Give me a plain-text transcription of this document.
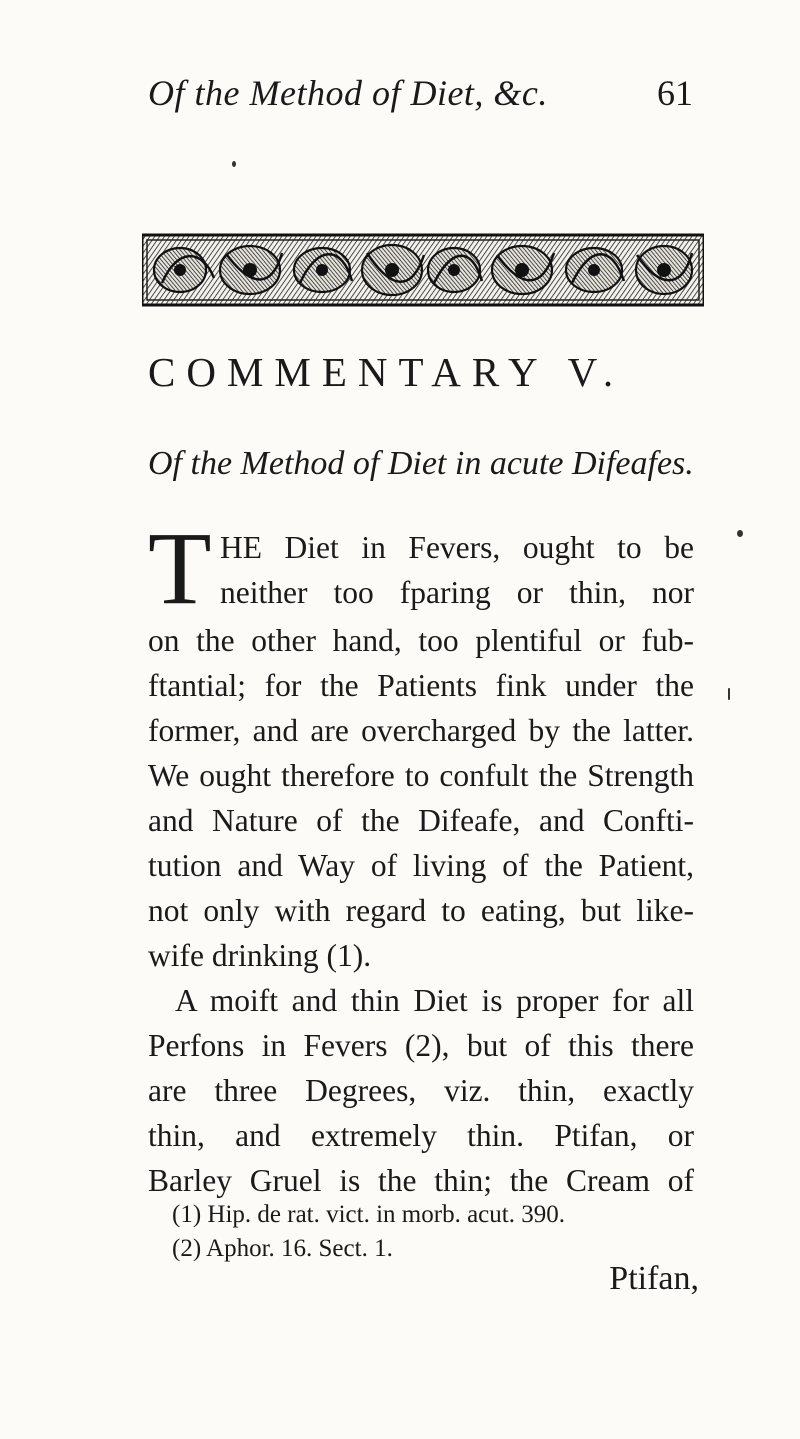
Of the Method of Diet, &c.	61
COMMENTARY V.
Of the Method of Diet in acute Difeafes.
T HE Diet in Fevers, ought to be
neither too fparing or thin, nor
on the other hand, too plentiful or fub-
ftantial; for the Patients fink under the
former, and are overcharged by the latter.
We ought therefore to confult the Strength
and Nature of the Difeafe, and Confti-
tution and Way of living of the Patient,
not only with regard to eating, but like-
wife drinking (1).
A moift and thin Diet is proper for all
Perfons in Fevers (2), but of this there
are three Degrees, viz. thin, exactly
thin, and extremely thin. Ptifan, or
Barley Gruel is the thin; the Cream of
(1) Hip. de rat. vict. in morb. acut. 390.
(2) Aphor. 16. Sect. 1.
Ptifan,
